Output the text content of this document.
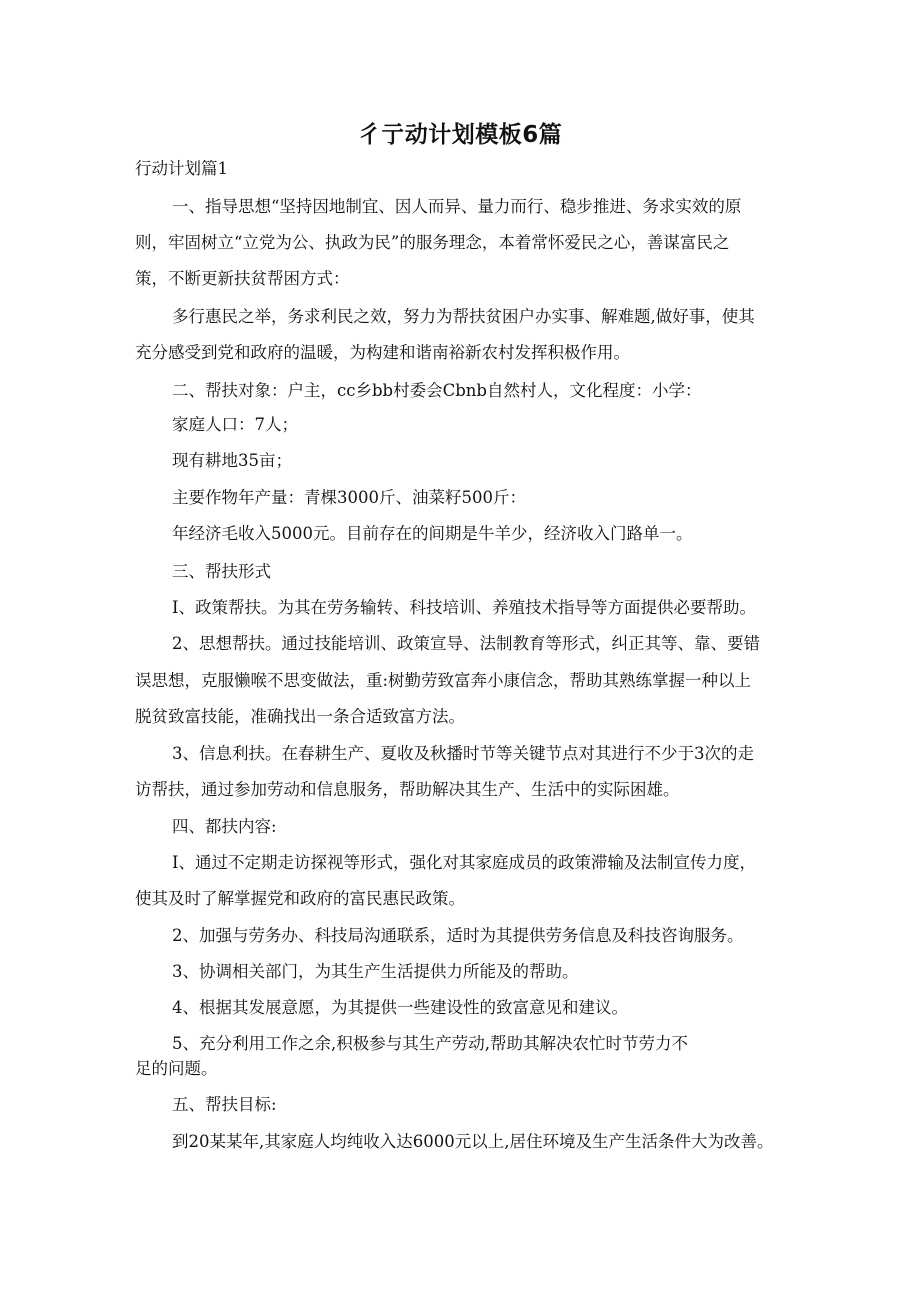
彳亍动计划模板6篇
行动计划篇1
一、指导思想“坚持因地制宜、因人而异、量力而行、稳步推进、务求实效的原
则，牢固树立“立党为公、执政为民”的服务理念，本着常怀爱民之心，善谋富民之
策，不断更新扶贫帮困方式：
多行惠民之举，务求利民之效，努力为帮扶贫困户办实事、解难题,做好事，使其
充分感受到党和政府的温暖，为构建和谐南裕新农村发挥积极作用。
二、帮扶对象：户主，cc乡bb村委会Cbnb自然村人，文化程度：小学：
家庭人口：7人；
现有耕地35亩；
主要作物年产量：青棵3000斤、油菜籽500斤：
年经济毛收入5000元。目前存在的间期是牛羊少，经济收入门路单一。
三、帮扶形式
I、政策帮扶。为其在劳务输转、科技培训、养殖技术指导等方面提供必要帮助。
2、思想帮扶。通过技能培训、政策宣导、法制教育等形式，纠正其等、靠、要错
误思想，克服懒喉不思变做法，重:树勤劳致富奔小康信念，帮助其熟练掌握一种以上
脱贫致富技能，准确找出一条合适致富方法。
3、信息利扶。在春耕生产、夏收及秋播时节等关键节点对其进行不少于3次的走
访帮扶，通过参加劳动和信息服务，帮助解决其生产、生活中的实际困雄。
四、都扶内容:
I、通过不定期走访探视等形式，强化对其家庭成员的政策滞输及法制宣传力度，
使其及时了解掌握党和政府的富民惠民政策。
2、加强与劳务办、科技局沟通联系，适时为其提供劳务信息及科技咨询服务。
3、协调相关部门，为其生产生活提供力所能及的帮助。
4、根据其发展意愿，为其提供一些建设性的致富意见和建议。
5、充分利用工作之余,积极参与其生产劳动,帮助其解决农忙时节劳力不
足的问题。
五、帮扶目标:
到20某某年,其家庭人均纯收入达6000元以上,居住环境及生产生活条件大为改善。
